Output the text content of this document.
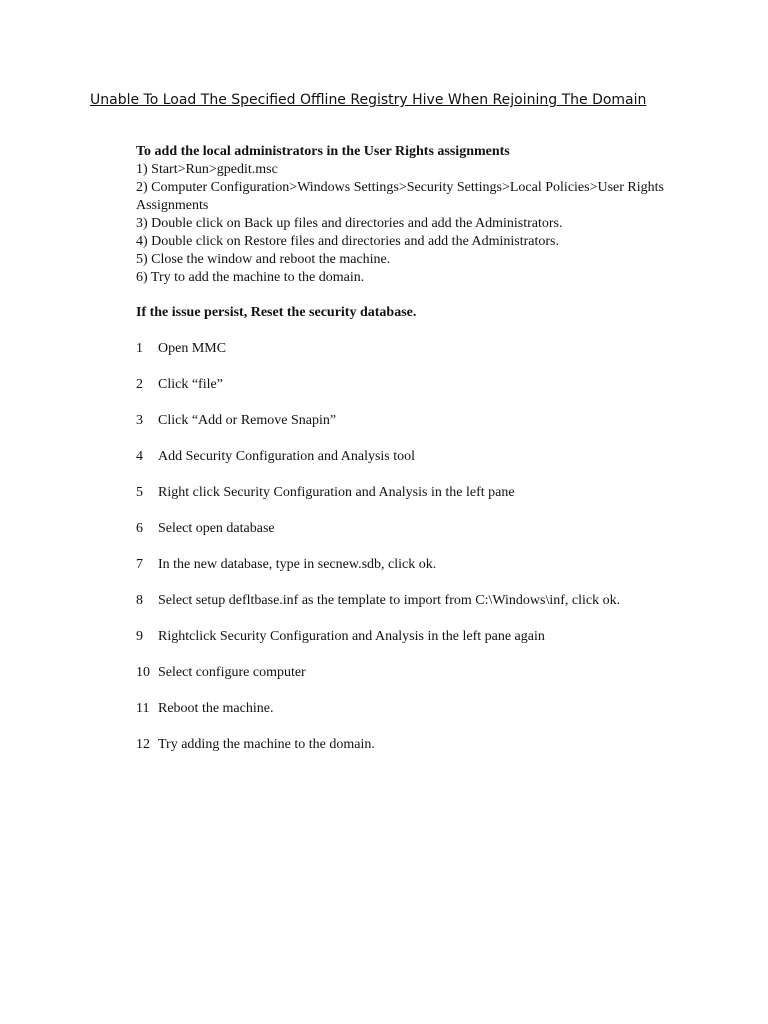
Unable To Load The Specified Offline Registry Hive When Rejoining The Domain
To add the local administrators in the User Rights assignments
1) Start>Run>gpedit.msc
2) Computer Configuration>Windows Settings>Security Settings>Local Policies>User Rights Assignments
3) Double click on Back up files and directories and add the Administrators.
4) Double click on Restore files and directories and add the Administrators.
5) Close the window and reboot the machine.
6) Try to add the machine to the domain.
If the issue persist, Reset the security database.
1	Open MMC
2	Click “file”
3	Click “Add or Remove Snapin”
4	Add Security Configuration and Analysis tool
5	Right click Security Configuration and Analysis in the left pane
6	Select open database
7	In the new database, type in secnew.sdb, click ok.
8	Select setup defltbase.inf as the template to import from C:\Windows\inf, click ok.
9	Rightclick Security Configuration and Analysis in the left pane again
10 Select configure computer
11 Reboot the machine.
12 Try adding the machine to the domain.
